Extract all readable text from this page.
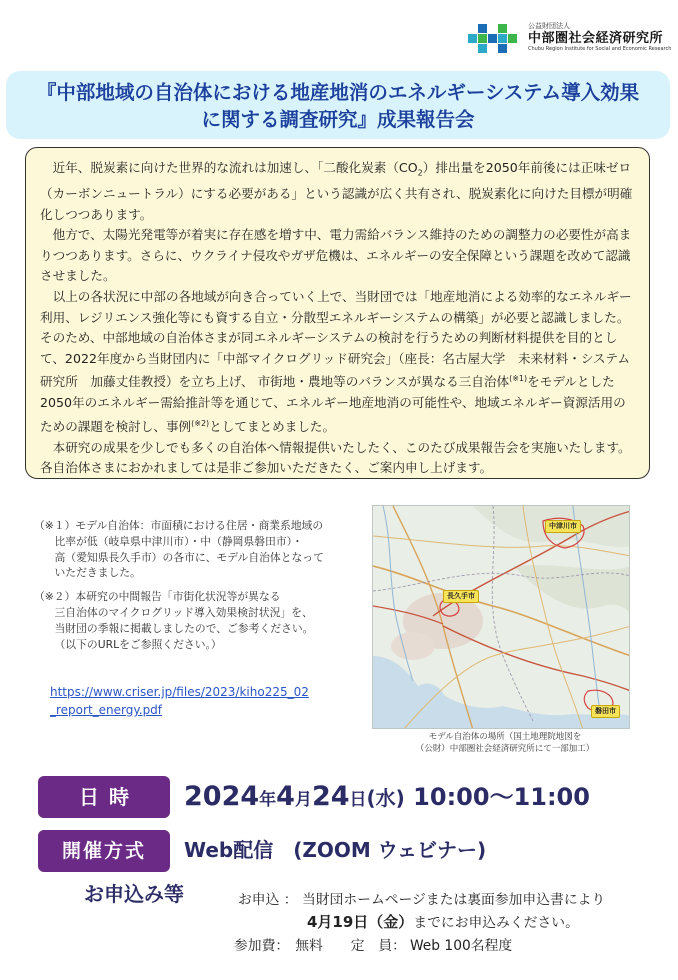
公益財団法人
中部圏社会経済研究所
Chubu Region Institute for Social and Economic Research
『中部地域の自治体における地産地消のエネルギーシステム導入効果
に関する調査研究』成果報告会

近年、脱炭素に向けた世界的な流れは加速し、「二酸化炭素$(CO_2)$排出量を2050年前後には正味ゼロ（カーボンニュートラル）にする必要がある」という認識が広く共有され、脱炭素化に向けた目標が明確化しつつあります。

他方で、太陽光発電等が着実に存在感を増す中、電力需給バランス維持のための調整力の必要性が高まりつつあります。さらに、ウクライナ侵攻やガザ危機は、エネルギーの安全保障という課題を改めて認識させました。

以上の各状況に中部の各地域が向き合っていく上で、当財団では「地産地消による効率的なエネルギー利用、レジリエンス強化等にも資する自立・分散型エネルギーシステムの構築」が必要と認識しました。そのため、中部地域の自治体さまが同エネルギーシステムの検討を行うための判断材料提供を目的として、2022年度から当財団内に「中部マイクログリッド研究会」（座長：名古屋大学　未来材料・システム研究所　加藤丈佳教授）を立ち上げ、 市街地・農地等のバランスが異なる三自治体$^{(※1)}$をモデルとした2050年のエネルギー需給推計等を通じて、エネルギー地産地消の可能性や、地域エネルギー資源活用のための課題を検討し、事例$^{(※2)}$としてまとめました。

本研究の成果を少しでも多くの自治体へ情報提供いたしたく、このたび成果報告会を実施いたします。各自治体さまにおかれましては是非ご参加いただきたく、ご案内申し上げます。

（※１）モデル自治体：市面積における住居・商業系地域の
比率が低（岐阜県中津川市）・中（静岡県磐田市）・
高（愛知県長久手市）の各市に、モデル自治体となって
いただきました。
（※２）本研究の中間報告「市街化状況等が異なる
三自治体のマイクログリッド導入効果検討状況」を、
当財団の季報に掲載しましたので、ご参考ください。
（以下のURLをご参照ください。）
https://www.criser.jp/files/2023/kiho225_02
_report_energy.pdf
中津川市
長久手市
磐田市
モデル自治体の場所（国土地理院地図を
（公財）中部圏社会経済研究所にて一部加工）
日時	2024年4月24日(水) 10:00～11:00
開催方式	Web配信　(ZOOM ウェビナー)
お申込み等	お申込 ： 当財団ホームページまたは裏面参加申込書により
4月19日（金）までにお申込みください。
参加費： 無料 定　員： Web 100名程度
